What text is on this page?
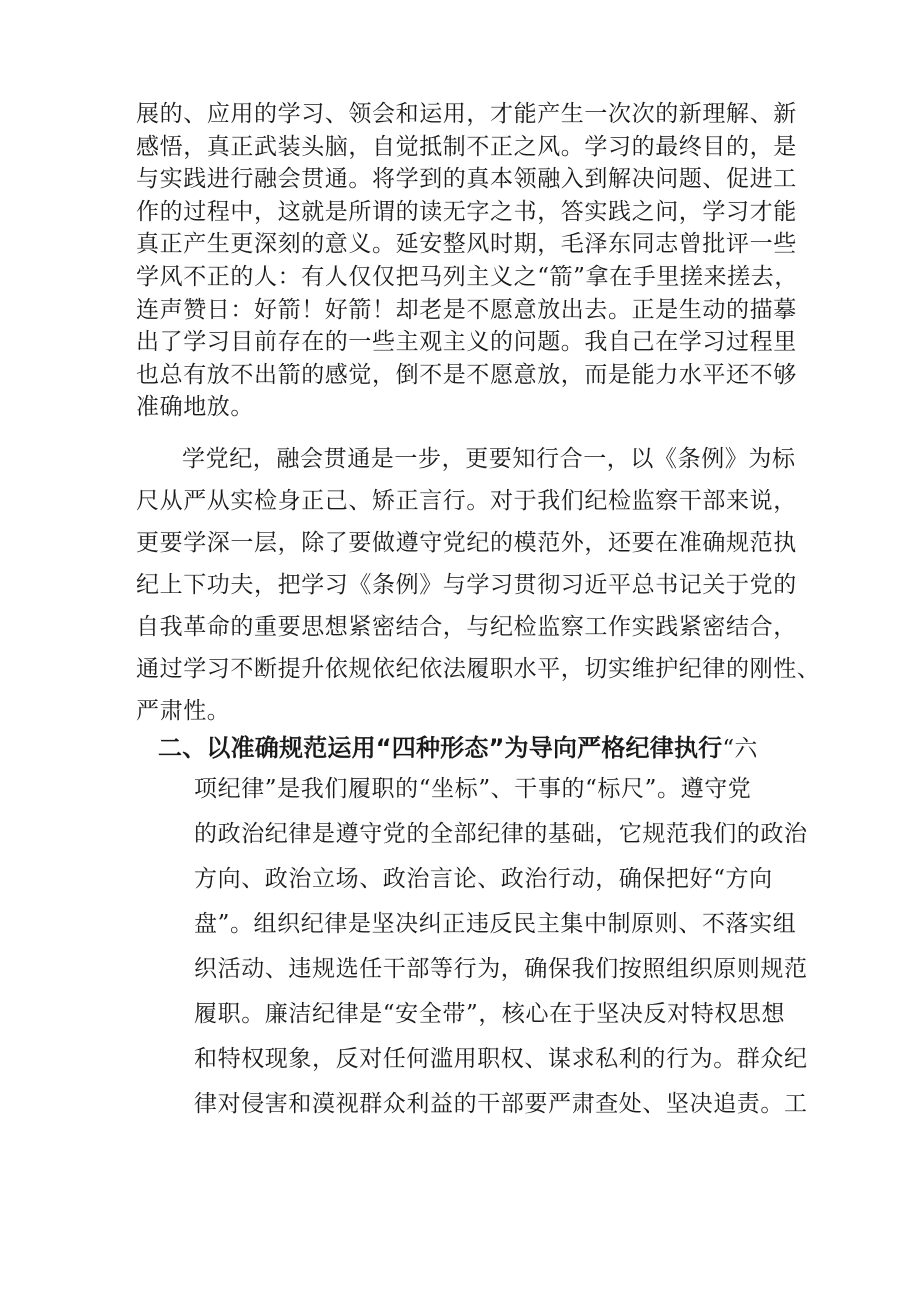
展的、应用的学习、领会和运用，才能产生一次次的新理解、新
感悟，真正武装头脑，自觉抵制不正之风。学习的最终目的，是
与实践进行融会贯通。将学到的真本领融入到解决问题、促进工
作的过程中，这就是所谓的读无字之书，答实践之问，学习才能
真正产生更深刻的意义。延安整风时期，毛泽东同志曾批评一些
学风不正的人：有人仅仅把马列主义之“箭”拿在手里搓来搓去，
连声赞日：好箭！好箭！却老是不愿意放出去。正是生动的描摹
出了学习目前存在的一些主观主义的问题。我自己在学习过程里
也总有放不出箭的感觉，倒不是不愿意放，而是能力水平还不够
准确地放。
学党纪，融会贯通是一步，更要知行合一，以《条例》为标
尺从严从实检身正己、矫正言行。对于我们纪检监察干部来说，
更要学深一层，除了要做遵守党纪的模范外，还要在准确规范执
纪上下功夫，把学习《条例》与学习贯彻习近平总书记关于党的
自我革命的重要思想紧密结合，与纪检监察工作实践紧密结合，
通过学习不断提升依规依纪依法履职水平，切实维护纪律的刚性、
严肃性。
二、以准确规范运用“四种形态”为导向严格纪律执行“六
项纪律”是我们履职的“坐标”、干事的“标尺”。遵守党
的政治纪律是遵守党的全部纪律的基础，它规范我们的政治
方向、政治立场、政治言论、政治行动，确保把好“方向
盘”。组织纪律是坚决纠正违反民主集中制原则、不落实组
织活动、违规选任干部等行为，确保我们按照组织原则规范
履职。廉洁纪律是“安全带”，核心在于坚决反对特权思想
和特权现象，反对任何滥用职权、谋求私利的行为。群众纪
律对侵害和漠视群众利益的干部要严肃查处、坚决追责。工
